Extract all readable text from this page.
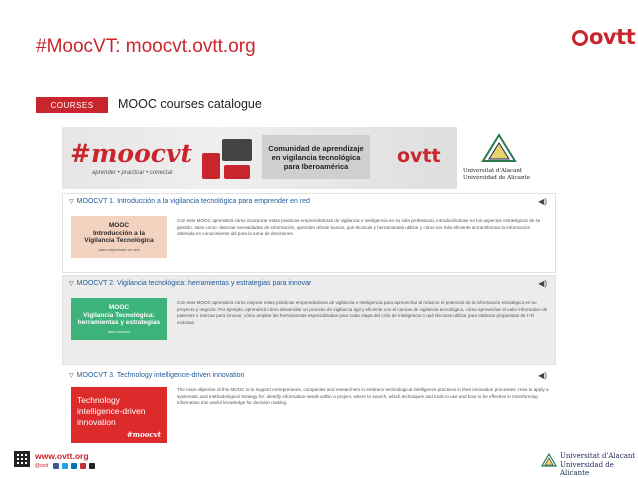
#MoocVT: moocvt.ovtt.org	ovtt
COURSES	MOOC courses catalogue
#moocvt
aprender • practicar • conectar
Comunidad de aprendizaje
en vigilancia tecnológica
para Iberoamérica	ovtt
Universitat d'Alacant
Universidad de Alicante
▽ MOOCVT 1. Introducción a la vigilancia tecnológica para emprender en red	◀)
MOOC
Introducción a la
Vigilancia Tecnológica
para emprender en red

Con este MOOC aprenderá cómo incorporar estas prácticas emprendedoras de vigilancia e inteligencia en su vida profesional, introduciéndose en los aspectos estratégicos de su gestión, tales como: detectar necesidades de información, aprender dónde buscar, qué técnicas y herramientas utilizar y cómo ser más eficiente al transformar la información obtenida en conocimiento útil para la toma de decisiones.

▽ MOOCVT 2. Vigilancia tecnológica: herramientas y estrategias para innovar	◀)
MOOC
Vigilancia Tecnológica:
herramientas y estrategias
para innovar

Con este MOOC aprenderá cómo mejorar estas prácticas emprendedoras de vigilancia e inteligencia para aprovechar al máximo el potencial de la información estratégica en su proyecto y negocio. Por ejemplo, aprenderá cómo desarrollar un proceso de vigilancia ágil y eficiente con el canvas de vigilancia tecnológica, cómo aprovechar el valor informativo de patentes o marcas para innovar, cómo ampliar las herramientas especializadas para cada etapa del ciclo de inteligencia o qué técnicas utilizar para elaborar propuestas de I+D exitosas.

▽ MOOCVT 3. Technology intelligence-driven innovation	◀)
Technology
intelligence-driven
innovation
#moocvt

The main objective of this MOOC is to support entrepreneurs, companies and researchers in embrace technological intelligence practices in their innovation processes. How to apply a systematic and methodological strategy for: identify information needs within a project, where to search, which techniques and tools to use and how to be effective in transforming information into useful knowledge for decision making.

www.ovtt.org
@ovtt
Universitat d'Alacant
Universidad de Alicante
